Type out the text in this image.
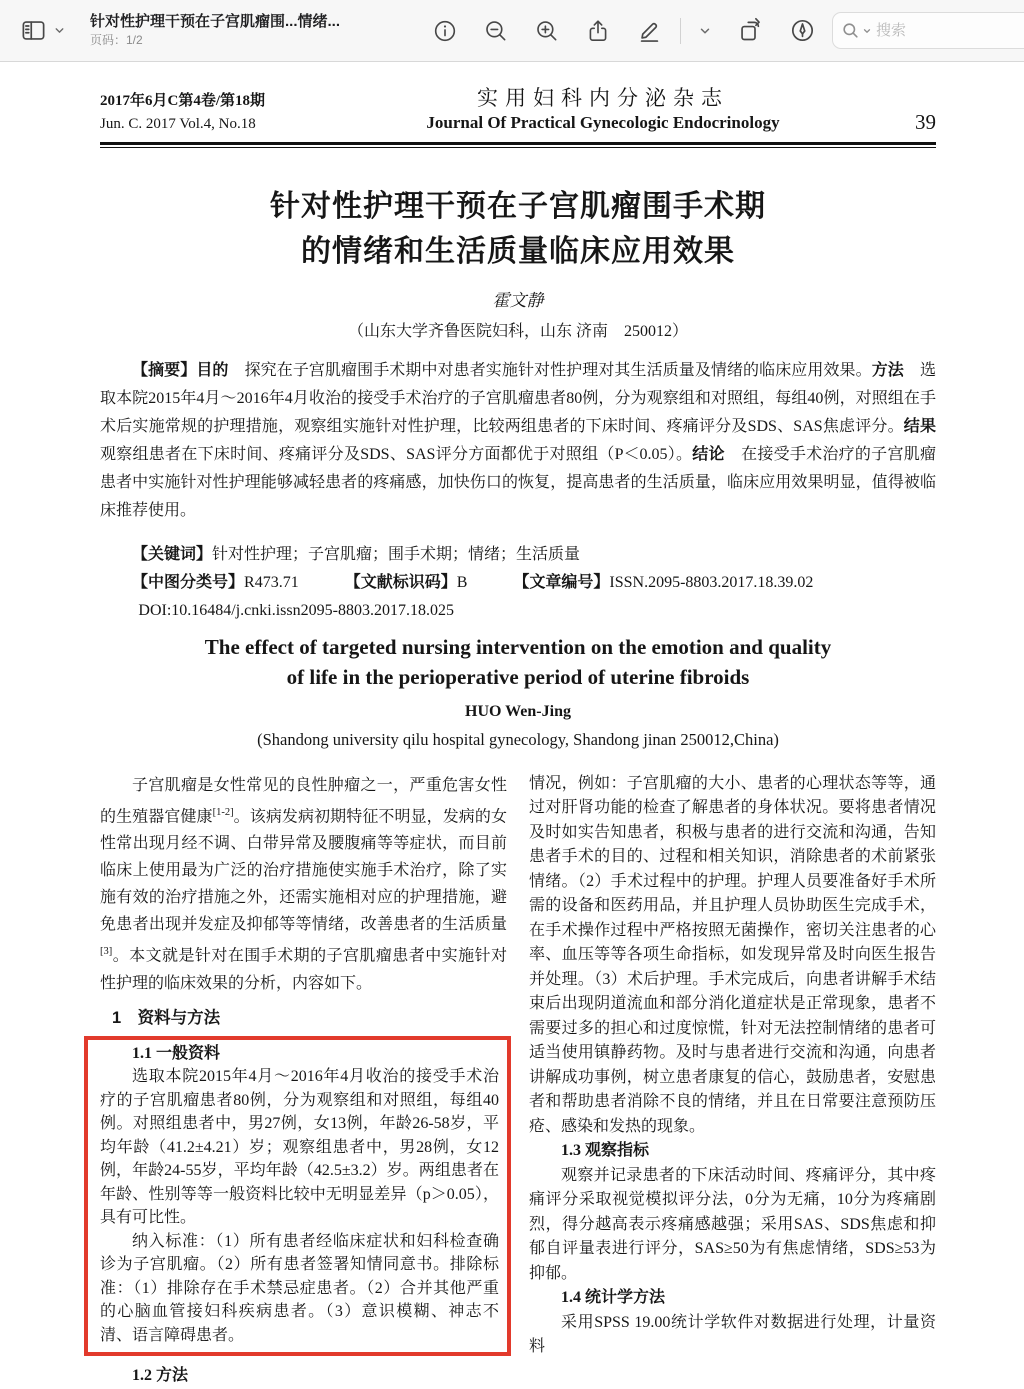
针对性护理干预在子宫肌瘤围...情绪...
页码：1/2
搜索
2017年6月C第4卷/第18期
Jun. C. 2017 Vol.4, No.18
实用妇科内分泌杂志
Journal Of Practical Gynecologic Endocrinology	39
针对性护理干预在子宫肌瘤围手术期
的情绪和生活质量临床应用效果
霍文静
（山东大学齐鲁医院妇科，山东 济南　250012）

【摘要】目的　探究在子宫肌瘤围手术期中对患者实施针对性护理对其生活质量及情绪的临床应用效果。方法　选取本院2015年4月～2016年4月收治的接受手术治疗的子宫肌瘤患者80例，分为观察组和对照组，每组40例，对照组在手术后实施常规的护理措施，观察组实施针对性护理，比较两组患者的下床时间、疼痛评分及SDS、SAS焦虑评分。结果　观察组患者在下床时间、疼痛评分及SDS、SAS评分方面都优于对照组（P＜0.05）。结论　在接受手术治疗的子宫肌瘤患者中实施针对性护理能够减轻患者的疼痛感，加快伤口的恢复，提高患者的生活质量，临床应用效果明显，值得被临床推荐使用。

【关键词】针对性护理；子宫肌瘤；围手术期；情绪；生活质量

【中图分类号】R473.71	【文献标识码】B	【文章编号】ISSN.2095-8803.2017.18.39.02

DOI:10.16484/j.cnki.issn2095-8803.2017.18.025

The effect of targeted nursing intervention on the emotion and quality
of life in the perioperative period of uterine fibroids
HUO Wen-Jing
(Shandong university qilu hospital gynecology, Shandong jinan 250012,China)

子宫肌瘤是女性常见的良性肿瘤之一，严重危害女性的生殖器官健康[1-2]。该病发病初期特征不明显，发病的女性常出现月经不调、白带异常及腰腹痛等等症状，而目前临床上使用最为广泛的治疗措施使实施手术治疗，除了实施有效的治疗措施之外，还需实施相对应的护理措施，避免患者出现并发症及抑郁等等情绪，改善患者的生活质量[3]。本文就是针对在围手术期的子宫肌瘤患者中实施针对性护理的临床效果的分析，内容如下。

1　资料与方法

1.1 一般资料

选取本院2015年4月～2016年4月收治的接受手术治疗的子宫肌瘤患者80例，分为观察组和对照组，每组40例。对照组患者中，男27例，女13例，年龄26-58岁，平均年龄（41.2±4.21）岁；观察组患者中，男28例，女12例，年龄24-55岁，平均年龄（42.5±3.2）岁。两组患者在年龄、性别等等一般资料比较中无明显差异（p＞0.05），具有可比性。

纳入标准：（1）所有患者经临床症状和妇科检查确诊为子宫肌瘤。（2）所有患者签署知情同意书。排除标准：（1）排除存在手术禁忌症患者。（2）合并其他严重的心脑血管接妇科疾病患者。（3）意识模糊、神志不清、语言障碍患者。

1.2 方法

情况，例如：子宫肌瘤的大小、患者的心理状态等等，通过对肝肾功能的检查了解患者的身体状况。要将患者情况及时如实告知患者，积极与患者的进行交流和沟通，告知患者手术的目的、过程和相关知识，消除患者的术前紧张情绪。（2）手术过程中的护理。护理人员要准备好手术所需的设备和医药用品，并且护理人员协助医生完成手术，在手术操作过程中严格按照无菌操作，密切关注患者的心率、血压等等各项生命指标，如发现异常及时向医生报告并处理。（3）术后护理。手术完成后，向患者讲解手术结束后出现阴道流血和部分消化道症状是正常现象，患者不需要过多的担心和过度惊慌，针对无法控制情绪的患者可适当使用镇静药物。及时与患者进行交流和沟通，向患者讲解成功事例，树立患者康复的信心，鼓励患者，安慰患者和帮助患者消除不良的情绪，并且在日常要注意预防压疮、感染和发热的现象。

1.3 观察指标

观察并记录患者的下床活动时间、疼痛评分，其中疼痛评分采取视觉模拟评分法，0分为无痛，10分为疼痛剧烈，得分越高表示疼痛感越强；采用SAS、SDS焦虑和抑郁自评量表进行评分，SAS≥50为有焦虑情绪，SDS≥53为抑郁。

1.4 统计学方法

采用SPSS 19.00统计学软件对数据进行处理，计量资料
